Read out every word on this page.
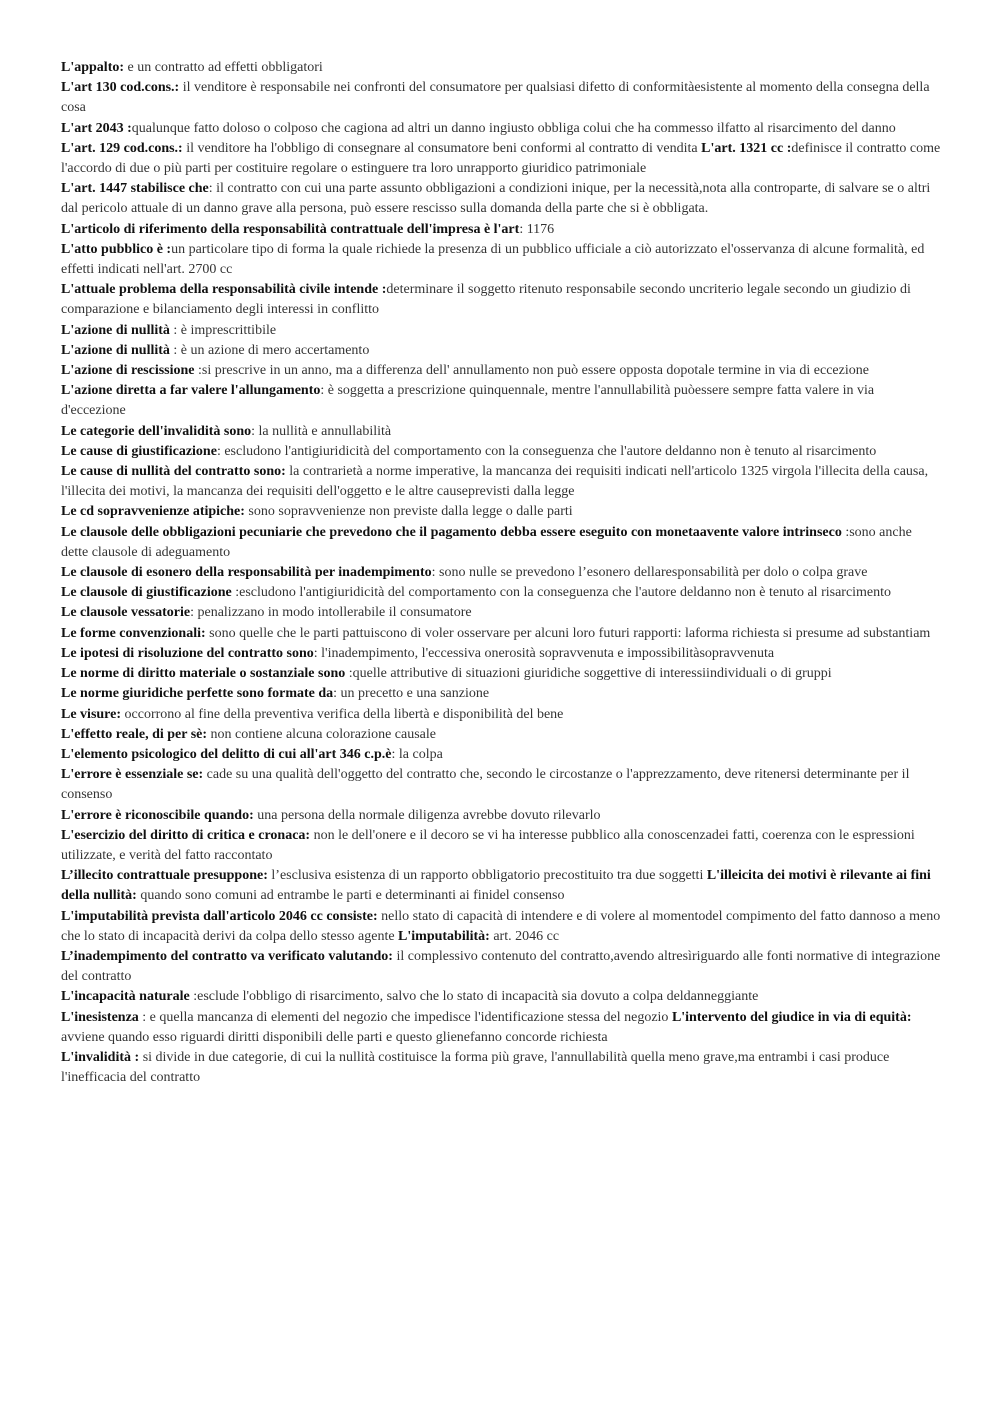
L'appalto: e un contratto ad effetti obbligatori

L'art 130 cod.cons.: il venditore è responsabile nei confronti del consumatore per qualsiasi difetto di conformitàesistente al momento della consegna della cosa

L'art 2043 :qualunque fatto doloso o colposo che cagiona ad altri un danno ingiusto obbliga colui che ha commesso ilfatto al risarcimento del danno

L'art. 129 cod.cons.: il venditore ha l'obbligo di consegnare al consumatore beni conformi al contratto di vendita L'art. 1321 cc :definisce il contratto come l'accordo di due o più parti per costituire regolare o estinguere tra loro unrapporto giuridico patrimoniale

L'art. 1447 stabilisce che: il contratto con cui una parte assunto obbligazioni a condizioni inique, per la necessità,nota alla controparte, di salvare se o altri dal pericolo attuale di un danno grave alla persona, può essere rescisso sulla domanda della parte che si è obbligata.

L'articolo di riferimento della responsabilità contrattuale dell'impresa è l'art: 1176

L'atto pubblico è :un particolare tipo di forma la quale richiede la presenza di un pubblico ufficiale a ciò autorizzato el'osservanza di alcune formalità, ed effetti indicati nell'art. 2700 cc

L'attuale problema della responsabilità civile intende :determinare il soggetto ritenuto responsabile secondo uncriterio legale secondo un giudizio di comparazione e bilanciamento degli interessi in conflitto

L'azione di nullità : è imprescrittibile

L'azione di nullità : è un azione di mero accertamento

L'azione di rescissione :si prescrive in un anno, ma a differenza dell' annullamento non può essere opposta dopotale termine in via di eccezione

L'azione diretta a far valere l'allungamento: è soggetta a prescrizione quinquennale, mentre l'annullabilità puòessere sempre fatta valere in via d'eccezione

Le categorie dell'invalidità sono: la nullità e annullabilità

Le cause di giustificazione: escludono l'antigiuridicità del comportamento con la conseguenza che l'autore deldanno non è tenuto al risarcimento

Le cause di nullità del contratto sono: la contrarietà a norme imperative, la mancanza dei requisiti indicati nell'articolo 1325 virgola l'illecita della causa, l'illecita dei motivi, la mancanza dei requisiti dell'oggetto e le altre causeprevisti dalla legge

Le cd sopravvenienze atipiche: sono sopravvenienze non previste dalla legge o dalle parti

Le clausole delle obbligazioni pecuniarie che prevedono che il pagamento debba essere eseguito con monetaavente valore intrinseco :sono anche dette clausole di adeguamento

Le clausole di esonero della responsabilità per inadempimento: sono nulle se prevedono l’esonero dellaresponsabilità per dolo o colpa grave

Le clausole di giustificazione :escludono l'antigiuridicità del comportamento con la conseguenza che l'autore deldanno non è tenuto al risarcimento

Le clausole vessatorie: penalizzano in modo intollerabile il consumatore

Le forme convenzionali: sono quelle che le parti pattuiscono di voler osservare per alcuni loro futuri rapporti: laforma richiesta si presume ad substantiam

Le ipotesi di risoluzione del contratto sono: l'inadempimento, l'eccessiva onerosità sopravvenuta e impossibilitàsopravvenuta

Le norme di diritto materiale o sostanziale sono :quelle attributive di situazioni giuridiche soggettive di interessiindividuali o di gruppi

Le norme giuridiche perfette sono formate da: un precetto e una sanzione

Le visure: occorrono al fine della preventiva verifica della libertà e disponibilità del bene

L'effetto reale, di per sè: non contiene alcuna colorazione causale

L'elemento psicologico del delitto di cui all'art 346 c.p.è: la colpa

L'errore è essenziale se: cade su una qualità dell'oggetto del contratto che, secondo le circostanze o l'apprezzamento, deve ritenersi determinante per il consenso

L'errore è riconoscibile quando: una persona della normale diligenza avrebbe dovuto rilevarlo

L'esercizio del diritto di critica e cronaca: non le dell'onere e il decoro se vi ha interesse pubblico alla conoscenzadei fatti, coerenza con le espressioni utilizzate, e verità del fatto raccontato

L’illecito contrattuale presuppone: l’esclusiva esistenza di un rapporto obbligatorio precostituito tra due soggetti L'illeicita dei motivi è rilevante ai fini della nullità: quando sono comuni ad entrambe le parti e determinanti ai finidel consenso

L'imputabilità prevista dall'articolo 2046 cc consiste: nello stato di capacità di intendere e di volere al momentodel compimento del fatto dannoso a meno che lo stato di incapacità derivi da colpa dello stesso agente L'imputabilità: art. 2046 cc

L’inadempimento del contratto va verificato valutando: il complessivo contenuto del contratto,avendo altresìriguardo alle fonti normative di integrazione del contratto

L'incapacità naturale :esclude l'obbligo di risarcimento, salvo che lo stato di incapacità sia dovuto a colpa deldanneggiante

L'inesistenza : e quella mancanza di elementi del negozio che impedisce l'identificazione stessa del negozio L'intervento del giudice in via di equità: avviene quando esso riguardi diritti disponibili delle parti e questo glienefanno concorde richiesta

L'invalidità : si divide in due categorie, di cui la nullità costituisce la forma più grave, l'annullabilità quella meno grave,ma entrambi i casi produce l'inefficacia del contratto
